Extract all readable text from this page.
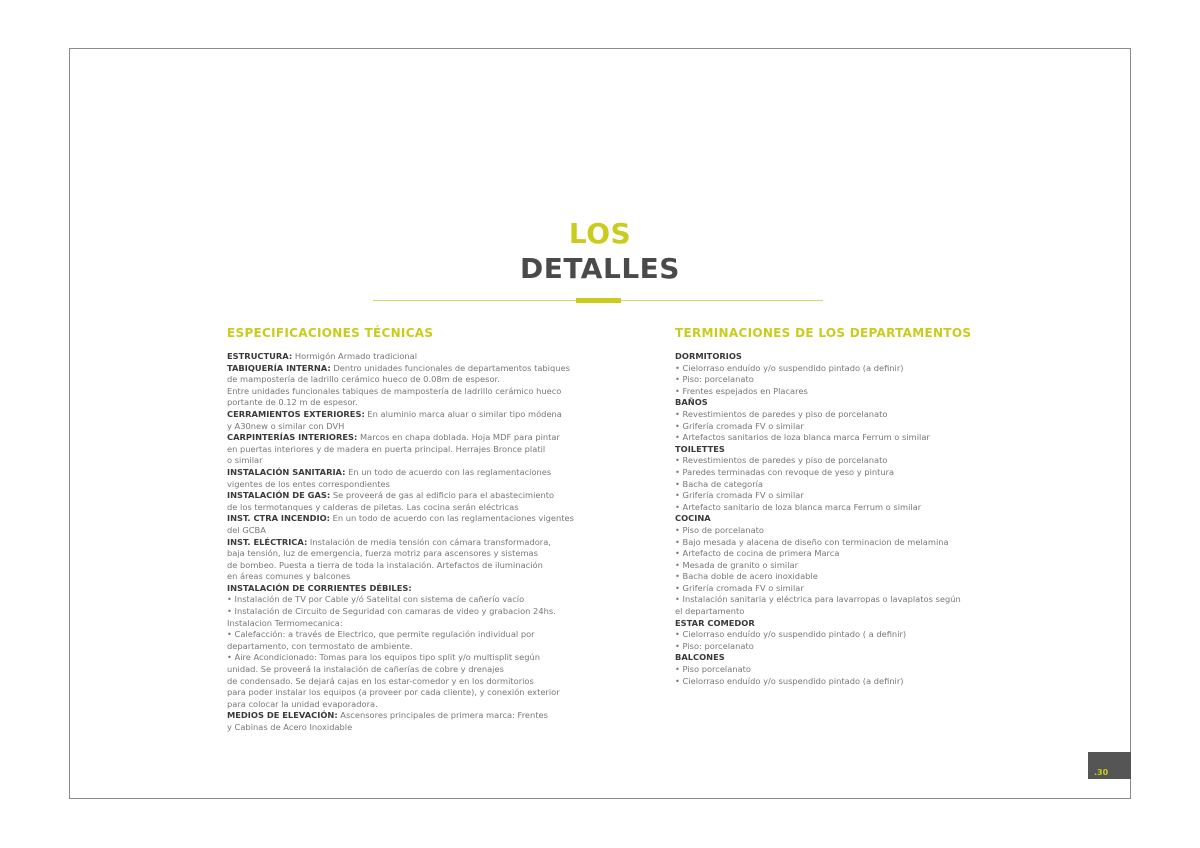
LOS
DETALLES
ESPECIFICACIONES TÉCNICAS
ESTRUCTURA: Hormigón Armado tradicional
TABIQUERÍA INTERNA: Dentro unidades funcionales de departamentos tabiques
de mampostería de ladrillo cerámico hueco de 0.08m de espesor.
Entre unidades funcionales tabiques de mampostería de ladrillo cerámico hueco
portante de 0.12 m de espesor.
CERRAMIENTOS EXTERIORES: En aluminio marca aluar o similar tipo módena
y A30new o similar con DVH
CARPINTERÍAS INTERIORES: Marcos en chapa doblada. Hoja MDF para pintar
en puertas interiores y de madera en puerta principal. Herrajes Bronce platil
o similar
INSTALACIÓN SANITARIA: En un todo de acuerdo con las reglamentaciones
vigentes de los entes correspondientes
INSTALACIÓN DE GAS: Se proveerá de gas al edificio para el abastecimiento
de los termotanques y calderas de piletas. Las cocina serán eléctricas
INST. CTRA INCENDIO: En un todo de acuerdo con las reglamentaciones vigentes
del GCBA
INST. ELÉCTRICA: Instalación de media tensión con cámara transformadora,
baja tensión, luz de emergencia, fuerza motriz para ascensores y sistemas
de bombeo. Puesta a tierra de toda la instalación. Artefactos de iluminación
en áreas comunes y balcones
INSTALACIÓN DE CORRIENTES DÉBILES:
• Instalación de TV por Cable y/ó Satelital con sistema de cañerío vacío
• Instalación de Circuito de Seguridad con camaras de video y grabacion 24hs.
Instalacion Termomecanica:
• Calefacción: a través de Electrico, que permite regulación individual por
departamento, con termostato de ambiente.
• Aire Acondicionado: Tomas para los equipos tipo split y/o multisplit según
unidad. Se proveerá la instalación de cañerías de cobre y drenajes
de condensado. Se dejará cajas en los estar-comedor y en los dormitorios
para poder instalar los equipos (a proveer por cada cliente), y conexión exterior
para colocar la unidad evaporadora.
MEDIOS DE ELEVACIÓN: Ascensores principales de primera marca: Frentes
y Cabinas de Acero Inoxidable
TERMINACIONES DE LOS DEPARTAMENTOS
DORMITORIOS
• Cielorraso enduído y/o suspendido pintado (a definir)
• Piso: porcelanato
• Frentes espejados en Placares
BAÑOS
• Revestimientos de paredes y piso de porcelanato
• Grifería cromada FV o similar
• Artefactos sanitarios de loza blanca marca Ferrum o similar
TOILETTES
• Revestimientos de paredes y piso de porcelanato
• Paredes terminadas con revoque de yeso y pintura
• Bacha de categoría
• Grifería cromada FV o similar
• Artefacto sanitario de loza blanca marca Ferrum o similar
COCINA
• Piso de porcelanato
• Bajo mesada y alacena de diseño con terminacion de melamina
• Artefacto de cocina de primera Marca
• Mesada de granito o similar
• Bacha doble de acero inoxidable
• Grifería cromada FV o similar
• Instalación sanitaria y eléctrica para lavarropas o lavaplatos según
el departamento
ESTAR COMEDOR
• Cielorraso enduído y/o suspendido pintado ( a definir)
• Piso: porcelanato
BALCONES
• Piso porcelanato
• Cielorraso enduído y/o suspendido pintado (a definir)
.30
